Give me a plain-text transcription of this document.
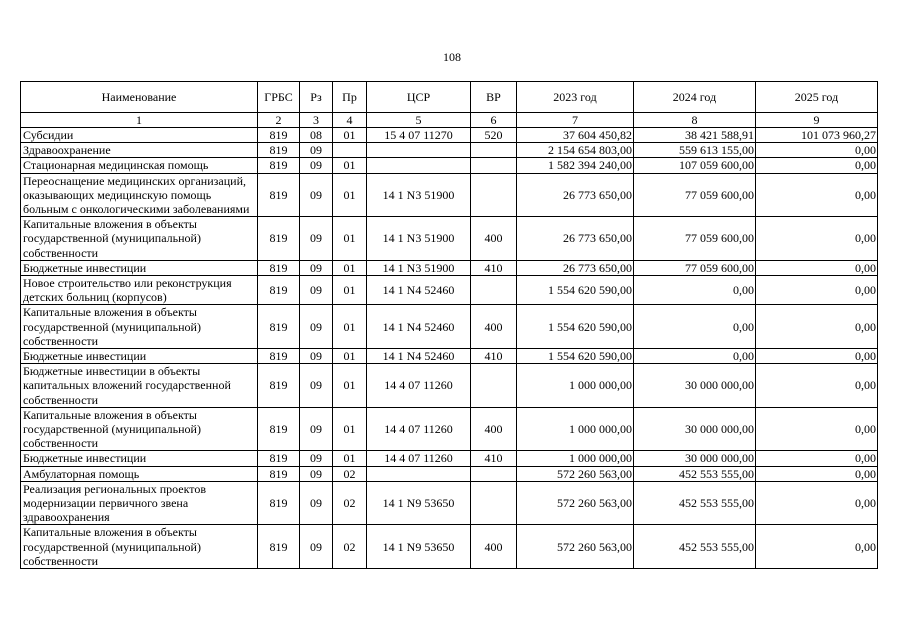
108
Наименование	ГРБС	Рз	Пр	ЦСР	ВР	2023 год	2024 год	2025 год
1	2	3	4	5	6	7	8	9
Субсидии	819	08	01	15 4 07 11270	520	37 604 450,82	38 421 588,91	101 073 960,27
Здравоохранение	819	09				2 154 654 803,00	559 613 155,00	0,00
Стационарная медицинская помощь	819	09	01			1 582 394 240,00	107 059 600,00	0,00
Переоснащение медицинских организаций, оказывающих медицинскую помощь больным с онкологическими заболеваниями	819	09	01	14 1 N3 51900		26 773 650,00	77 059 600,00	0,00
Капитальные вложения в объекты государственной (муниципальной) собственности	819	09	01	14 1 N3 51900	400	26 773 650,00	77 059 600,00	0,00
Бюджетные инвестиции	819	09	01	14 1 N3 51900	410	26 773 650,00	77 059 600,00	0,00
Новое строительство или реконструкция детских больниц (корпусов)	819	09	01	14 1 N4 52460		1 554 620 590,00	0,00	0,00
Капитальные вложения в объекты государственной (муниципальной) собственности	819	09	01	14 1 N4 52460	400	1 554 620 590,00	0,00	0,00
Бюджетные инвестиции	819	09	01	14 1 N4 52460	410	1 554 620 590,00	0,00	0,00
Бюджетные инвестиции в объекты капитальных вложений государственной собственности	819	09	01	14 4 07 11260		1 000 000,00	30 000 000,00	0,00
Капитальные вложения в объекты государственной (муниципальной) собственности	819	09	01	14 4 07 11260	400	1 000 000,00	30 000 000,00	0,00
Бюджетные инвестиции	819	09	01	14 4 07 11260	410	1 000 000,00	30 000 000,00	0,00
Амбулаторная помощь	819	09	02			572 260 563,00	452 553 555,00	0,00
Реализация региональных проектов модернизации первичного звена здравоохранения	819	09	02	14 1 N9 53650		572 260 563,00	452 553 555,00	0,00
Капитальные вложения в объекты государственной (муниципальной) собственности	819	09	02	14 1 N9 53650	400	572 260 563,00	452 553 555,00	0,00
